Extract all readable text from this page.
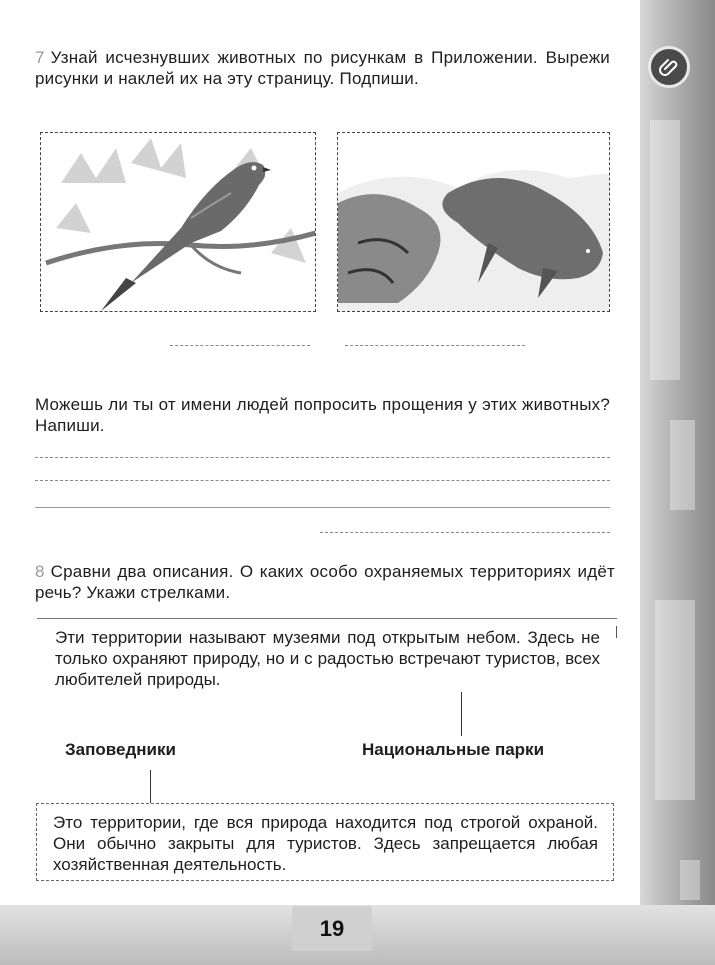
7 Узнай исчезнувших животных по рисункам в Приложении. Вырежи рисунки и наклей их на эту страницу. Подпиши.
Можешь ли ты от имени людей попросить прощения у этих животных? Напиши.
8 Сравни два описания. О каких особо охраняемых территориях идёт речь? Укажи стрелками.
Эти территории называют музеями под открытым небом. Здесь не только охраняют природу, но и с радостью встречают туристов, всех любителей природы.
Заповедники	Национальные парки
Это территории, где вся природа находится под строгой охраной. Они обычно закрыты для туристов. Здесь запрещается любая хозяйственная деятельность.
19
